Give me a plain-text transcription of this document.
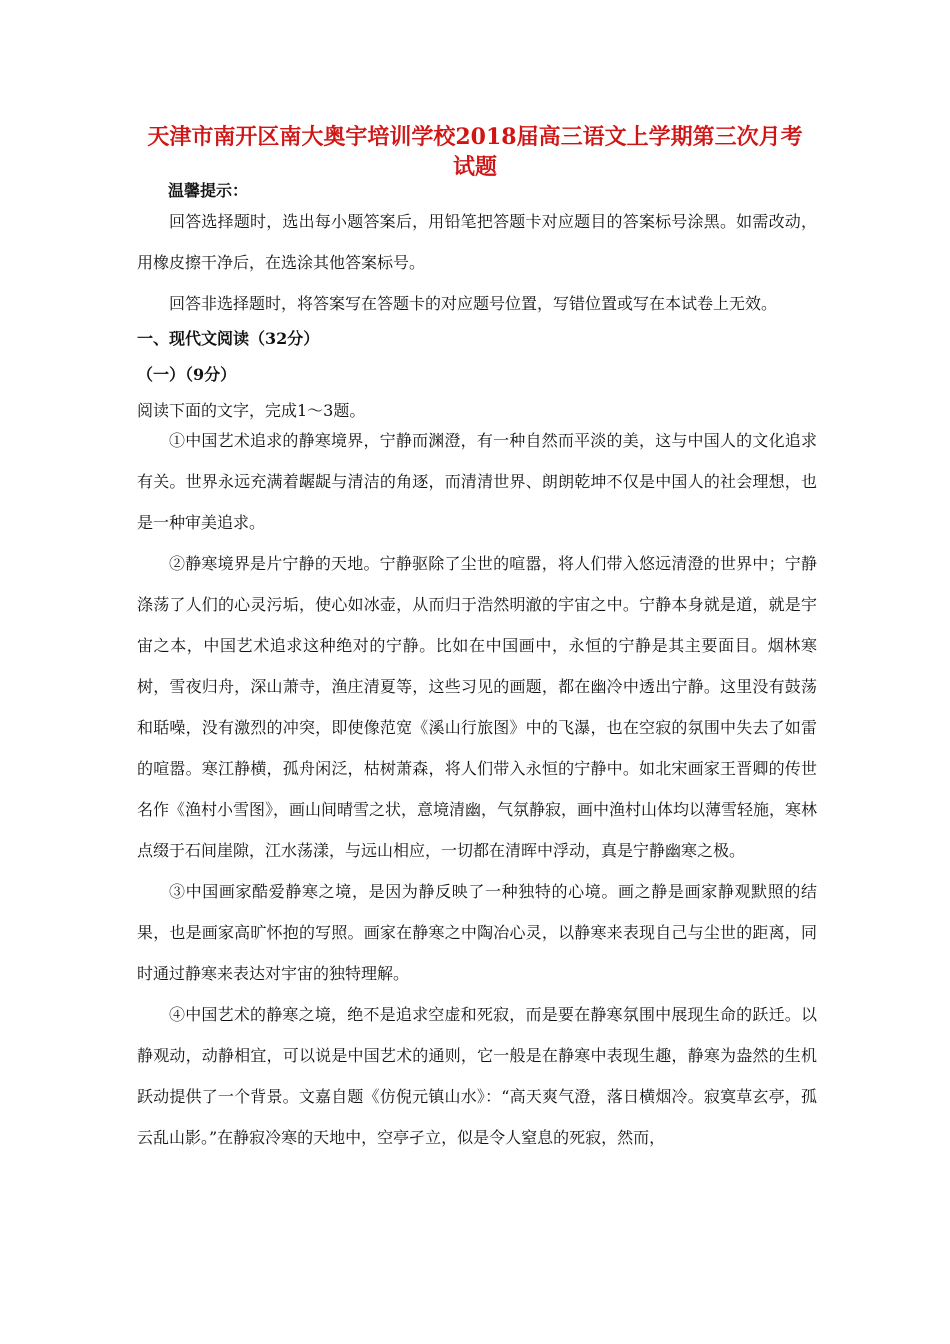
天津市南开区南大奥宇培训学校2018届高三语文上学期第三次月考
试题
温馨提示：

回答选择题时，选出每小题答案后，用铅笔把答题卡对应题目的答案标号涂黑。如需改动，用橡皮擦干净后，在选涂其他答案标号。

回答非选择题时，将答案写在答题卡的对应题号位置，写错位置或写在本试卷上无效。

一、现代文阅读（32分）
（一）（9分）
阅读下面的文字，完成1～3题。

①中国艺术追求的静寒境界，宁静而渊澄，有一种自然而平淡的美，这与中国人的文化追求有关。世界永远充满着龌龊与清洁的角逐，而清清世界、朗朗乾坤不仅是中国人的社会理想，也是一种审美追求。

②静寒境界是片宁静的天地。宁静驱除了尘世的喧嚣，将人们带入悠远清澄的世界中；宁静涤荡了人们的心灵污垢，使心如冰壶，从而归于浩然明澈的宇宙之中。宁静本身就是道，就是宇宙之本，中国艺术追求这种绝对的宁静。比如在中国画中，永恒的宁静是其主要面目。烟林寒树，雪夜归舟，深山萧寺，渔庄清夏等，这些习见的画题，都在幽冷中透出宁静。这里没有鼓荡和聒噪，没有激烈的冲突，即使像范宽《溪山行旅图》中的飞瀑，也在空寂的氛围中失去了如雷的喧嚣。寒江静横，孤舟闲泛，枯树萧森，将人们带入永恒的宁静中。如北宋画家王晋卿的传世名作《渔村小雪图》，画山间晴雪之状，意境清幽，气氛静寂，画中渔村山体均以薄雪轻施，寒林点缀于石间崖隙，江水荡漾，与远山相应，一切都在清晖中浮动，真是宁静幽寒之极。

③中国画家酷爱静寒之境，是因为静反映了一种独特的心境。画之静是画家静观默照的结果，也是画家高旷怀抱的写照。画家在静寒之中陶冶心灵，以静寒来表现自己与尘世的距离，同时通过静寒来表达对宇宙的独特理解。

④中国艺术的静寒之境，绝不是追求空虚和死寂，而是要在静寒氛围中展现生命的跃迁。以静观动，动静相宜，可以说是中国艺术的通则，它一般是在静寒中表现生趣，静寒为盎然的生机跃动提供了一个背景。文嘉自题《仿倪元镇山水》：“高天爽气澄，落日横烟冷。寂寞草玄亭，孤云乱山影。”在静寂冷寒的天地中，空亭孑立，似是令人窒息的死寂，然而，
